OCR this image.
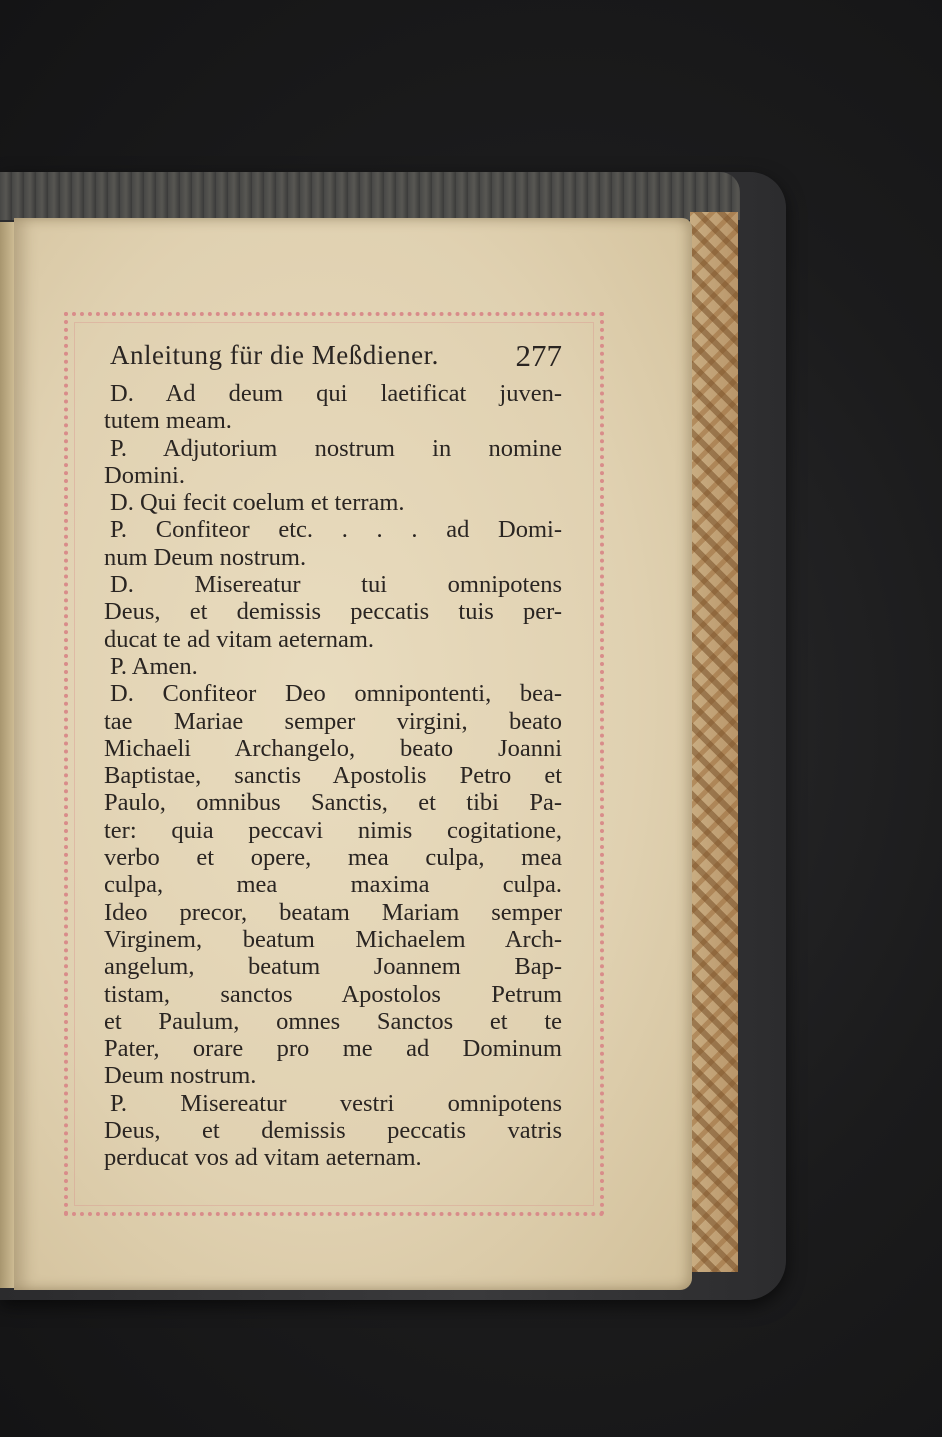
Anleitung für die Meßdiener. 277
D. Ad deum qui laetificat juven-
tutem meam.
P. Adjutorium nostrum in nomine
Domini.
D. Qui fecit coelum et terram.
P. Confiteor etc. . . . ad Domi-
num Deum nostrum.
D. Misereatur tui omnipotens
Deus, et demissis peccatis tuis per-
ducat te ad vitam aeternam.
P. Amen.
D. Confiteor Deo omnipontenti, bea-
tae Mariae semper virgini, beato
Michaeli Archangelo, beato Joanni
Baptistae, sanctis Apostolis Petro et
Paulo, omnibus Sanctis, et tibi Pa-
ter: quia peccavi nimis cogitatione,
verbo et opere, mea culpa, mea
culpa, mea maxima culpa.
Ideo precor, beatam Mariam semper
Virginem, beatum Michaelem Arch-
angelum, beatum Joannem Bap-
tistam, sanctos Apostolos Petrum
et Paulum, omnes Sanctos et te
Pater, orare pro me ad Dominum
Deum nostrum.
P. Misereatur vestri omnipotens
Deus, et demissis peccatis vatris
perducat vos ad vitam aeternam.
